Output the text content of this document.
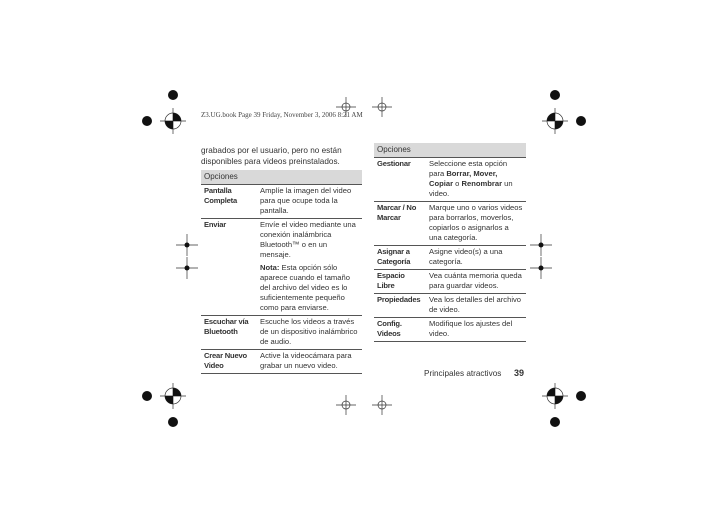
Z3.UG.book Page 39 Friday, November 3, 2006 8:21 AM
grabados por el usuario, pero no están disponibles para videos preinstalados.
Opciones	
Pantalla Completa	Amplíe la imagen del video para que ocupe toda la pantalla.
Enviar	Envíe el video mediante una conexión inalámbrica Bluetooth™ o en un mensaje.
Nota: Esta opción sólo aparece cuando el tamaño del archivo del video es lo suficientemente pequeño como para enviarse.

Escuchar vía Bluetooth	Escuche los videos a través de un dispositivo inalámbrico de audio.
Crear Nuevo Video	Active la videocámara para grabar un nuevo video.
Opciones	
Gestionar	Seleccione esta opción para Borrar, Mover, Copiar o Renombrar un video.
Marcar / No Marcar	Marque uno o varios videos para borrarlos, moverlos, copiarlos o asignarlos a una categoría.
Asignar a Categoría	Asigne video(s) a una categoría.
Espacio Libre	Vea cuánta memoria queda para guardar videos.
Propiedades	Vea los detalles del archivo de video.
Config. Videos	Modifique los ajustes del video.
Principales atractivos 39
